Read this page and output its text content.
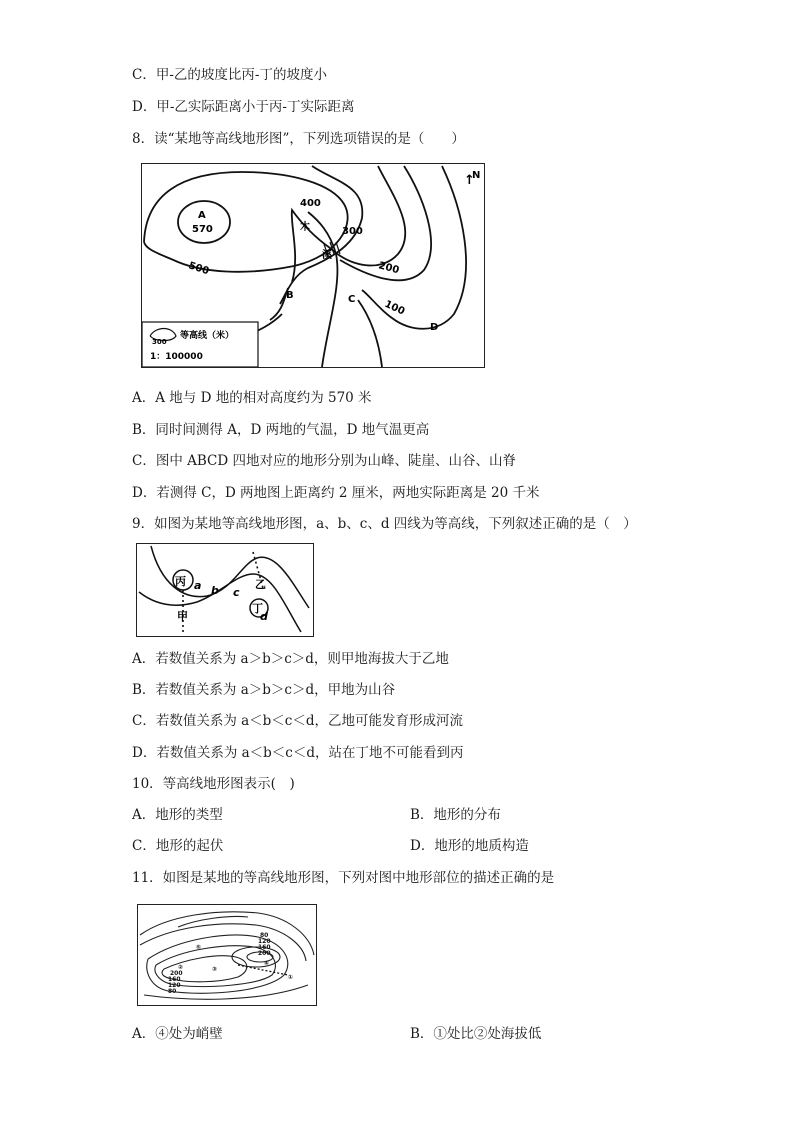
C．甲-乙的坡度比丙-丁的坡度小
D．甲-乙实际距离小于丙-丁实际距离
8．读“某地等高线地形图”，下列选项错误的是（　　）
N
↑
A
570
500
400
300
200
100
木
溪
B	C
D
300
等高线（米）
1：100000
A．A 地与 D 地的相对高度约为 570 米
B．同时间测得 A，D 两地的气温，D 地气温更高
C．图中 ABCD 四地对应的地形分别为山峰、陡崖、山谷、山脊
D．若测得 C，D 两地图上距离约 2 厘米，两地实际距离是 20 千米
9．如图为某地等高线地形图，a、b、c、d 四线为等高线，下列叙述正确的是（　）
丙 a b c
乙
丁
d
甲
A．若数值关系为 a＞b＞c＞d，则甲地海拔大于乙地
B．若数值关系为 a＞b＞c＞d，甲地为山谷
C．若数值关系为 a＜b＜c＜d，乙地可能发育形成河流
D．若数值关系为 a＜b＜c＜d，站在丁地不可能看到丙
10．等高线地形图表示(　)
A．地形的类型	B．地形的分布
C．地形的起伏	D．地形的地质构造
11．如图是某地的等高线地形图，下列对图中地形部位的描述正确的是
①
②	③
④
⑤
80
120
160
200
200
160
120
80
A．④处为峭壁	B．①处比②处海拔低
